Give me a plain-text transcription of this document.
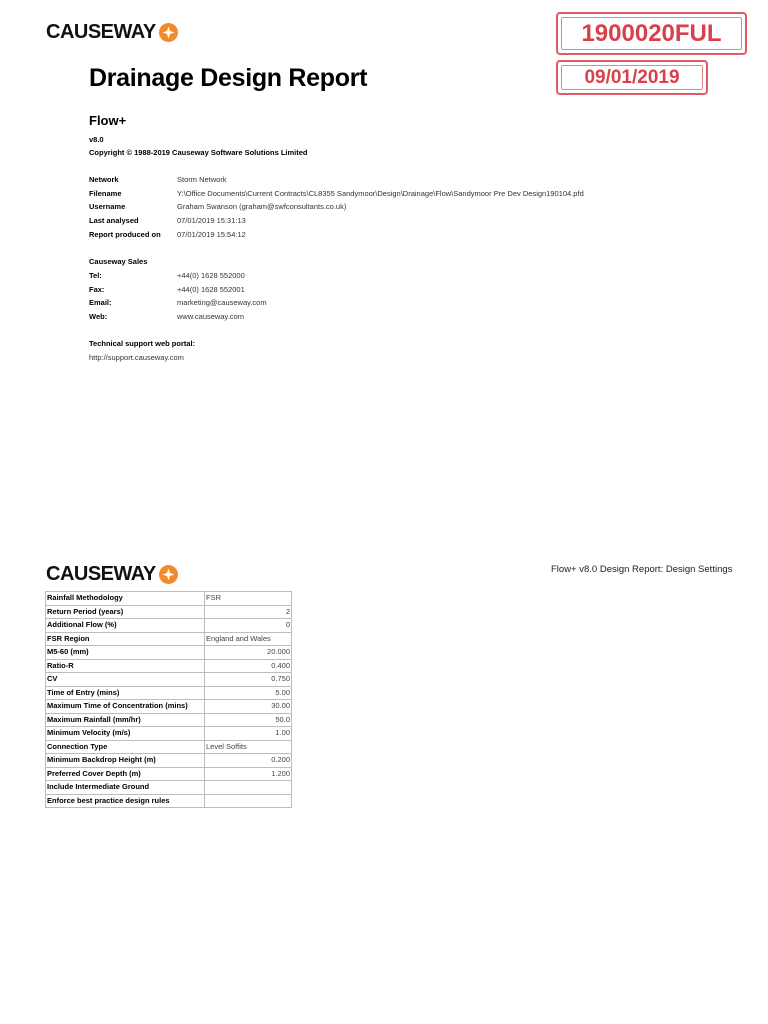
CAUSEWAY	1900020FUL
09/01/2019
Drainage Design Report
Flow+
v8.0
Copyright © 1988-2019 Causeway Software Solutions Limited
Network	Storm Network
Filename	Y:\Office Documents\Current Contracts\CL8355 Sandymoor\Design\Drainage\Flow\Sandymoor Pre Dev Design190104.pfd
Username	Graham Swanson (graham@swfconsultants.co.uk)
Last analysed	07/01/2019 15:31:13
Report produced on 07/01/2019 15:54:12
Causeway Sales
Tel:	+44(0) 1628 552000
Fax:	+44(0) 1628 552001
Email:	marketing@causeway.com
Web:	www.causeway.com
Technical support web portal:
http://support.causeway.com
CAUSEWAY	Flow+ v8.0 Design Report: Design Settings
Rainfall Methodology	FSR
Return Period (years)	2
Additional Flow (%)	0
FSR Region	England and Wales
M5-60 (mm)	20.000
Ratio-R	0.400
CV	0.750
Time of Entry (mins)	5.00
Maximum Time of Concentration (mins)	30.00
Maximum Rainfall (mm/hr)	50.0
Minimum Velocity (m/s)	1.00
Connection Type	Level Soffits
Minimum Backdrop Height (m)	0.200
Preferred Cover Depth (m)	1.200
Include Intermediate Ground	
Enforce best practice design rules	
